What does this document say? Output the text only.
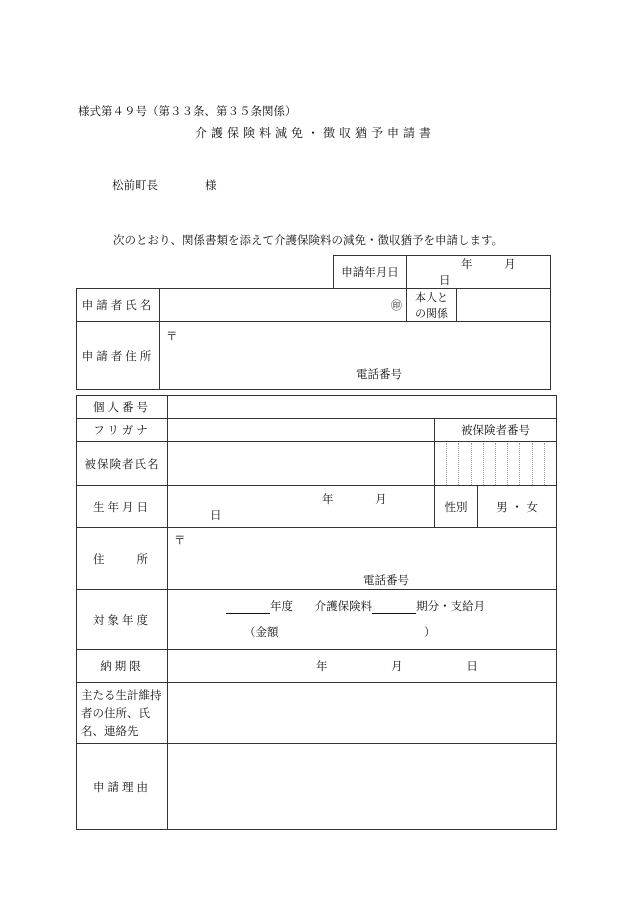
様式第４９号（第３３条、第３５条関係）
介護保険料減免・徴収猶予申請書
松前町長	様
次のとおり、関係書類を添えて介護保険料の減免・徴収猶予を申請します。
		申請年月日	年 月 日	
申請者氏名	㊞		本人との関係	
申請者住所	〒
電話番号			
個人番号			
フリガナ		被保険者番号	
被保険者氏名			

生年月日	年 月 日	性別	男 ・ 女
住　　所	〒
電話番号		

対象年度	年度 介護保険料 期分・支給月
（金額 ）		

納期限	年 月 日		
主たる生計維持者の住所、氏名、連絡先			
申請理由			
